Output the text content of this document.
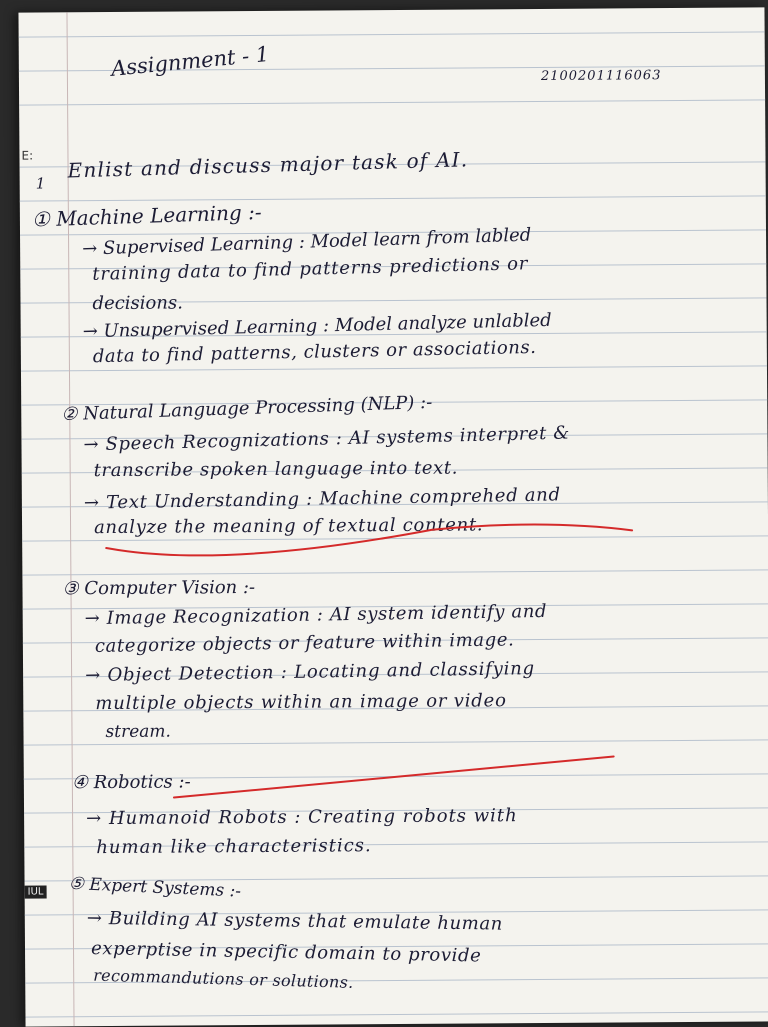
Assignment - 1	2100201116063
E:
IUL
1
Enlist and discuss major task of AI.
① Machine Learning :-
→ Supervised Learning : Model learn from labled
training data to find patterns predictions or
decisions.
→ Unsupervised Learning : Model analyze unlabled
data to find patterns, clusters or associations.
② Natural Language Processing (NLP) :-
→ Speech Recognizations : AI systems interpret &
transcribe spoken language into text.
→ Text Understanding : Machine comprehed and
analyze the meaning of textual content.
③ Computer Vision :-
→ Image Recognization : AI system identify and
categorize objects or feature within image.
→ Object Detection : Locating and classifying
multiple objects within an image or video
stream.
④ Robotics :-
→ Humanoid Robots : Creating robots with
human like characteristics.
⑤ Expert Systems :-
→ Building AI systems that emulate human
experptise in specific domain to provide
recommandutions or solutions.
